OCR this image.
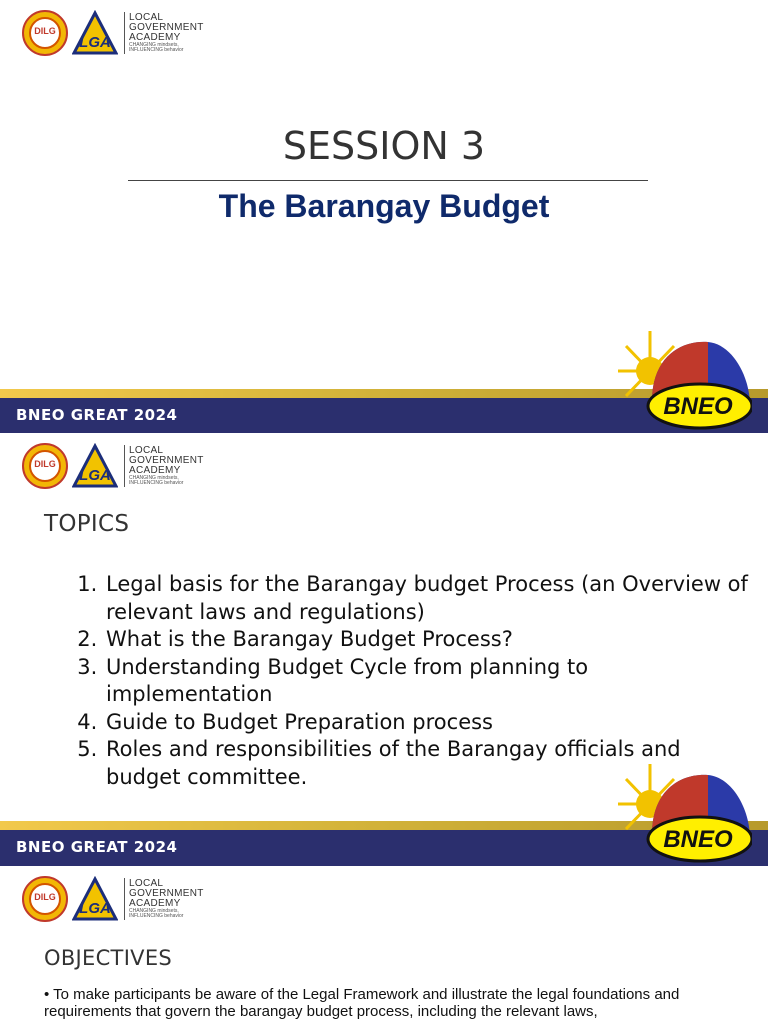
DILG
LGA
LOCAL
GOVERNMENT
ACADEMY
CHANGING mindsets,
INFLUENCING behavior
SESSION 3
The Barangay Budget
BNEO GREAT 2024	BNEO
DILG
LGA
LOCAL
GOVERNMENT
ACADEMY
CHANGING mindsets,
INFLUENCING behavior
TOPICS
1. Legal basis for the Barangay budget Process (an Overview of relevant laws and regulations)
2. What is the Barangay Budget Process?
3. Understanding Budget Cycle from planning to implementation
4. Guide to Budget Preparation process
5. Roles and responsibilities of the Barangay officials and budget committee.
BNEO GREAT 2024	BNEO
DILG
LGA
LOCAL
GOVERNMENT
ACADEMY
CHANGING mindsets,
INFLUENCING behavior
OBJECTIVES
• To make participants be aware of the Legal Framework and illustrate the legal foundations and requirements that govern the barangay budget process, including the relevant laws,
